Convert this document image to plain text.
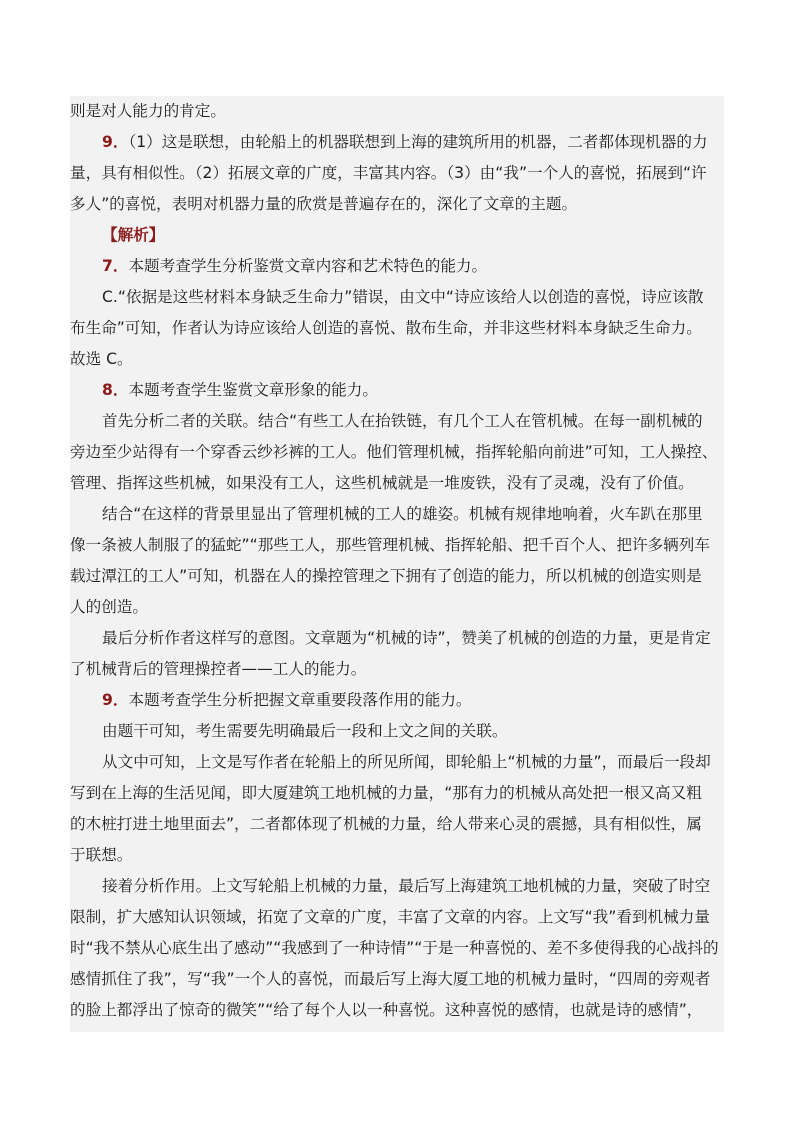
则是对人能力的肯定。
9．（1）这是联想，由轮船上的机器联想到上海的建筑所用的机器，二者都体现机器的力
量，具有相似性。（2）拓展文章的广度，丰富其内容。（3）由“我”一个人的喜悦，拓展到“许
多人”的喜悦，表明对机器力量的欣赏是普遍存在的，深化了文章的主题。
【解析】
7．本题考查学生分析鉴赏文章内容和艺术特色的能力。
C.“依据是这些材料本身缺乏生命力”错误，由文中“诗应该给人以创造的喜悦，诗应该散
布生命”可知，作者认为诗应该给人创造的喜悦、散布生命，并非这些材料本身缺乏生命力。
故选 C。
8．本题考查学生鉴赏文章形象的能力。
首先分析二者的关联。结合“有些工人在抬铁链，有几个工人在管机械。在每一副机械的
旁边至少站得有一个穿香云纱衫裤的工人。他们管理机械，指挥轮船向前进”可知，工人操控、
管理、指挥这些机械，如果没有工人，这些机械就是一堆废铁，没有了灵魂，没有了价值。
结合“在这样的背景里显出了管理机械的工人的雄姿。机械有规律地响着，火车趴在那里
像一条被人制服了的猛蛇”“那些工人，那些管理机械、指挥轮船、把千百个人、把许多辆列车
载过潭江的工人”可知，机器在人的操控管理之下拥有了创造的能力，所以机械的创造实则是
人的创造。
最后分析作者这样写的意图。文章题为“机械的诗”，赞美了机械的创造的力量，更是肯定
了机械背后的管理操控者——工人的能力。
9．本题考查学生分析把握文章重要段落作用的能力。
由题干可知，考生需要先明确最后一段和上文之间的关联。
从文中可知，上文是写作者在轮船上的所见所闻，即轮船上“机械的力量”，而最后一段却
写到在上海的生活见闻，即大厦建筑工地机械的力量，“那有力的机械从高处把一根又高又粗
的木桩打进土地里面去”，二者都体现了机械的力量，给人带来心灵的震撼，具有相似性，属
于联想。
接着分析作用。上文写轮船上机械的力量，最后写上海建筑工地机械的力量，突破了时空
限制，扩大感知认识领域，拓宽了文章的广度，丰富了文章的内容。上文写“我”看到机械力量
时“我不禁从心底生出了感动”“我感到了一种诗情”“于是一种喜悦的、差不多使得我的心战抖的
感情抓住了我”，写“我”一个人的喜悦，而最后写上海大厦工地的机械力量时，“四周的旁观者
的脸上都浮出了惊奇的微笑”“给了每个人以一种喜悦。这种喜悦的感情，也就是诗的感情”，
